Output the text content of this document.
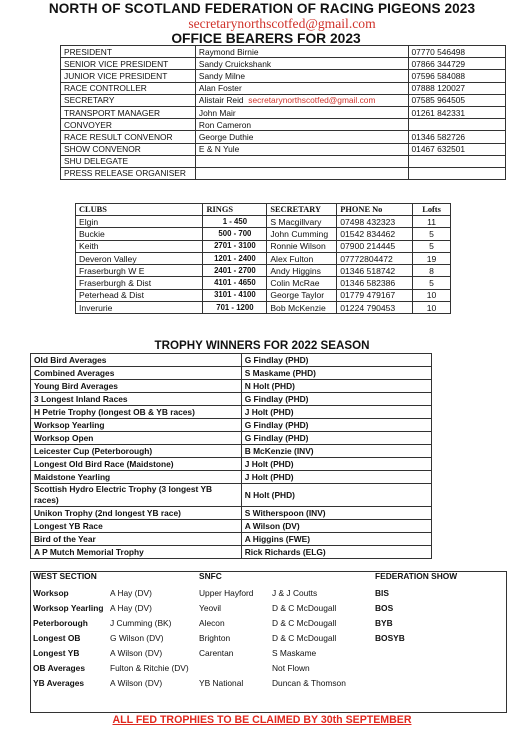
NORTH OF SCOTLAND FEDERATION OF RACING PIGEONS 2023
secretarynorthscotfed@gmail.com
OFFICE BEARERS FOR 2023
PRESIDENT	Raymond Birnie	07770 546498
SENIOR VICE PRESIDENT	Sandy Cruickshank	07866 344729
JUNIOR VICE PRESIDENT	Sandy Milne	07596 584088
RACE CONTROLLER	Alan Foster	07888 120027
SECRETARY	Alistair Reid secretarynorthscotfed@gmail.com	07585 964505
TRANSPORT MANAGER	John Mair	01261 842331
CONVOYER	Ron Cameron	
RACE RESULT CONVENOR	George Duthie	01346 582726
SHOW CONVENOR	E & N Yule	01467 632501
SHU DELEGATE		
PRESS RELEASE ORGANISER		
CLUBS	RINGS	SECRETARY	PHONE No	Lofts
Elgin	1 - 450	S Macgillvary	07498 432323	11
Buckie	500 - 700	John Cumming	01542 834462	5
Keith	2701 - 3100	Ronnie Wilson	07900 214445	5
Deveron Valley	1201 - 2400	Alex Fulton	07772804472	19
Fraserburgh W E	2401 - 2700	Andy Higgins	01346 518742	8
Fraserburgh & Dist	4101 - 4650	Colin McRae	01346 582386	5
Peterhead & Dist	3101 - 4100	George Taylor	01779 479167	10
Inverurie	701 - 1200	Bob McKenzie	01224 790453	10
TROPHY WINNERS FOR 2022 SEASON
Old Bird Averages	G Findlay (PHD)
Combined Averages	S Maskame (PHD)
Young Bird Averages	N Holt (PHD)
3 Longest Inland Races	G Findlay (PHD)
H Petrie Trophy (longest OB & YB races)	J Holt (PHD)
Worksop Yearling	G Findlay (PHD)
Worksop Open	G Findlay (PHD)
Leicester Cup (Peterborough)	B McKenzie (INV)
Longest Old Bird Race (Maidstone)	J Holt (PHD)
Maidstone Yearling	J Holt (PHD)
Scottish Hydro Electric Trophy (3 longest YB races)	N Holt (PHD)
Unikon Trophy (2nd longest YB race)	S Witherspoon (INV)
Longest YB Race	A Wilson (DV)
Bird of the Year	A Higgins (FWE)
A P Mutch Memorial Trophy	Rick Richards (ELG)
WEST SECTION		SNFC		FEDERATION SHOW
Worksop	A Hay (DV)	Upper Hayford	J & J Coutts	BIS
Worksop Yearling	A Hay (DV)	Yeovil	D & C McDougall	BOS
Peterborough	J Cumming (BK)	Alecon	D & C McDougall	BYB
Longest OB	G Wilson (DV)	Brighton	D & C McDougall	BOSYB
Longest YB	A Wilson (DV)	Carentan	S Maskame	
OB Averages	Fulton & Ritchie (DV)		Not Flown	
YB Averages	A Wilson (DV)	YB National	Duncan & Thomson	
ALL FED TROPHIES TO BE CLAIMED BY 30th SEPTEMBER
